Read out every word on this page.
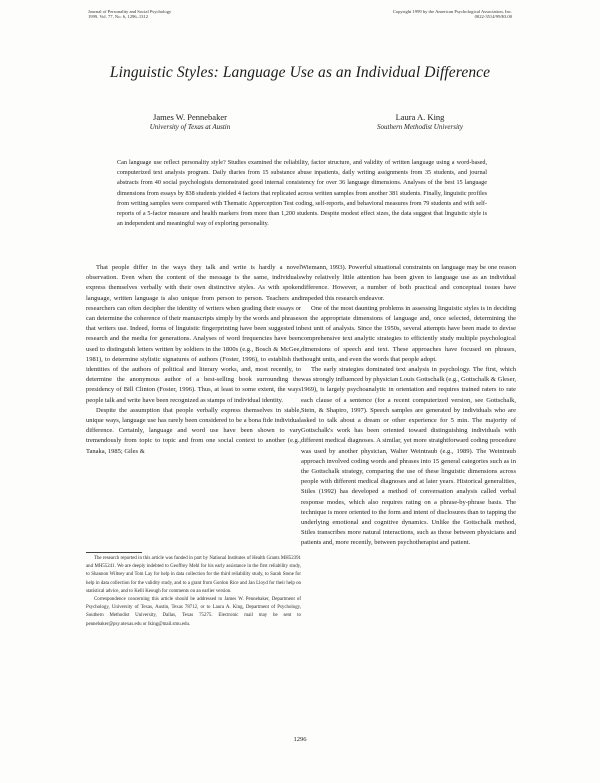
Journal of Personality and Social Psychology
1999, Vol. 77, No. 6, 1296–1312
Copyright 1999 by the American Psychological Association, Inc.
0022-3514/99/$3.00
Linguistic Styles: Language Use as an Individual Difference
James W. Pennebaker
University of Texas at Austin
Laura A. King
Southern Methodist University
Can language use reflect personality style? Studies examined the reliability, factor structure, and validity of written language using a word-based, computerized text analysis program. Daily diaries from 15 substance abuse inpatients, daily writing assignments from 35 students, and journal abstracts from 40 social psychologists demonstrated good internal consistency for over 36 language dimensions. Analyses of the best 15 language dimensions from essays by 838 students yielded 4 factors that replicated across written samples from another 381 students. Finally, linguistic profiles from writing samples were compared with Thematic Apperception Test coding, self-reports, and behavioral measures from 79 students and with self-reports of a 5-factor measure and health markers from more than 1,200 students. Despite modest effect sizes, the data suggest that linguistic style is an independent and meaningful way of exploring personality.

That people differ in the ways they talk and write is hardly a novel observation. Even when the content of the message is the same, individuals express themselves verbally with their own distinctive styles. As with spoken language, written language is also unique from person to person. Teachers and researchers can often decipher the identity of writers when grading their essays or can determine the coherence of their manuscripts simply by the words and phrases that writers use. Indeed, forms of linguistic fingerprinting have been suggested in research and the media for generations. Analyses of word frequencies have been used to distinguish letters written by soldiers in the 1800s (e.g., Bosch & McGee, 1981), to determine stylistic signatures of authors (Foster, 1996), to establish the identities of the authors of political and literary works, and, most recently, to determine the anonymous author of a best-selling book surrounding the presidency of Bill Clinton (Foster, 1996). Thus, at least to some extent, the ways people talk and write have been recognized as stamps of individual identity.

Despite the assumption that people verbally express themselves in stable, unique ways, language use has rarely been considered to be a bona fide individual difference. Certainly, language and word use have been shown to vary tremendously from topic to topic and from one social context to another (e.g., Tanaka, 1985; Giles &

Wiemann, 1993). Powerful situational constraints on language may be one reason why relatively little attention has been given to language use as an individual difference. However, a number of both practical and conceptual issues have impeded this research endeavor.

One of the most daunting problems in assessing linguistic styles is in deciding on the appropriate dimensions of language and, once selected, determining the best unit of analysis. Since the 1950s, several attempts have been made to devise comprehensive text analytic strategies to efficiently study multiple psychological dimensions of speech and text. These approaches have focused on phrases, thought units, and even the words that people adopt.

The early strategies dominated text analysis in psychology. The first, which was strongly influenced by physician Louis Gottschalk (e.g., Gottschalk & Gleser, 1969), is largely psychoanalytic in orientation and requires trained raters to rate each clause of a sentence (for a recent computerized version, see Gottschalk, Stein, & Shapiro, 1997). Speech samples are generated by individuals who are asked to talk about a dream or other experience for 5 min. The majority of Gottschalk's work has been oriented toward distinguishing individuals with different medical diagnoses. A similar, yet more straightforward coding procedure was used by another physician, Walter Weintraub (e.g., 1989). The Weintraub approach involved coding words and phrases into 15 general categories such as in the Gottschalk strategy, comparing the use of these linguistic dimensions across people with different medical diagnoses and at later years. Historical generalities, Stiles (1992) has developed a method of conversation analysis called verbal response modes, which also requires rating on a phrase-by-phrase basis. The technique is more oriented to the form and intent of disclosures than to tapping the underlying emotional and cognitive dynamics. Unlike the Gottschalk method, Stiles transcribes more natural interactions, such as those between physicians and patients and, more recently, between psychotherapist and patient.

The research reported in this article was funded in part by National Institutes of Health Grants MH52391 and MH55241. We are deeply indebted to Geoffrey Mehl for his early assistance in the first reliability study, to Shannon Wiltsey and Tom Lay for help in data collection for the third reliability study, to Sarah Stone for help in data collection for the validity study, and to a grant from Gordon Rice and Jan Lloyd for their help on statistical advice, and to Kelli Keough for comments on an earlier version.

Correspondence concerning this article should be addressed to James W. Pennebaker, Department of Psychology, University of Texas, Austin, Texas 78712, or to Laura A. King, Department of Psychology, Southern Methodist University, Dallas, Texas 75275. Electronic mail may be sent to pennebaker@psy.utexas.edu or lking@mail.smu.edu.

1296
